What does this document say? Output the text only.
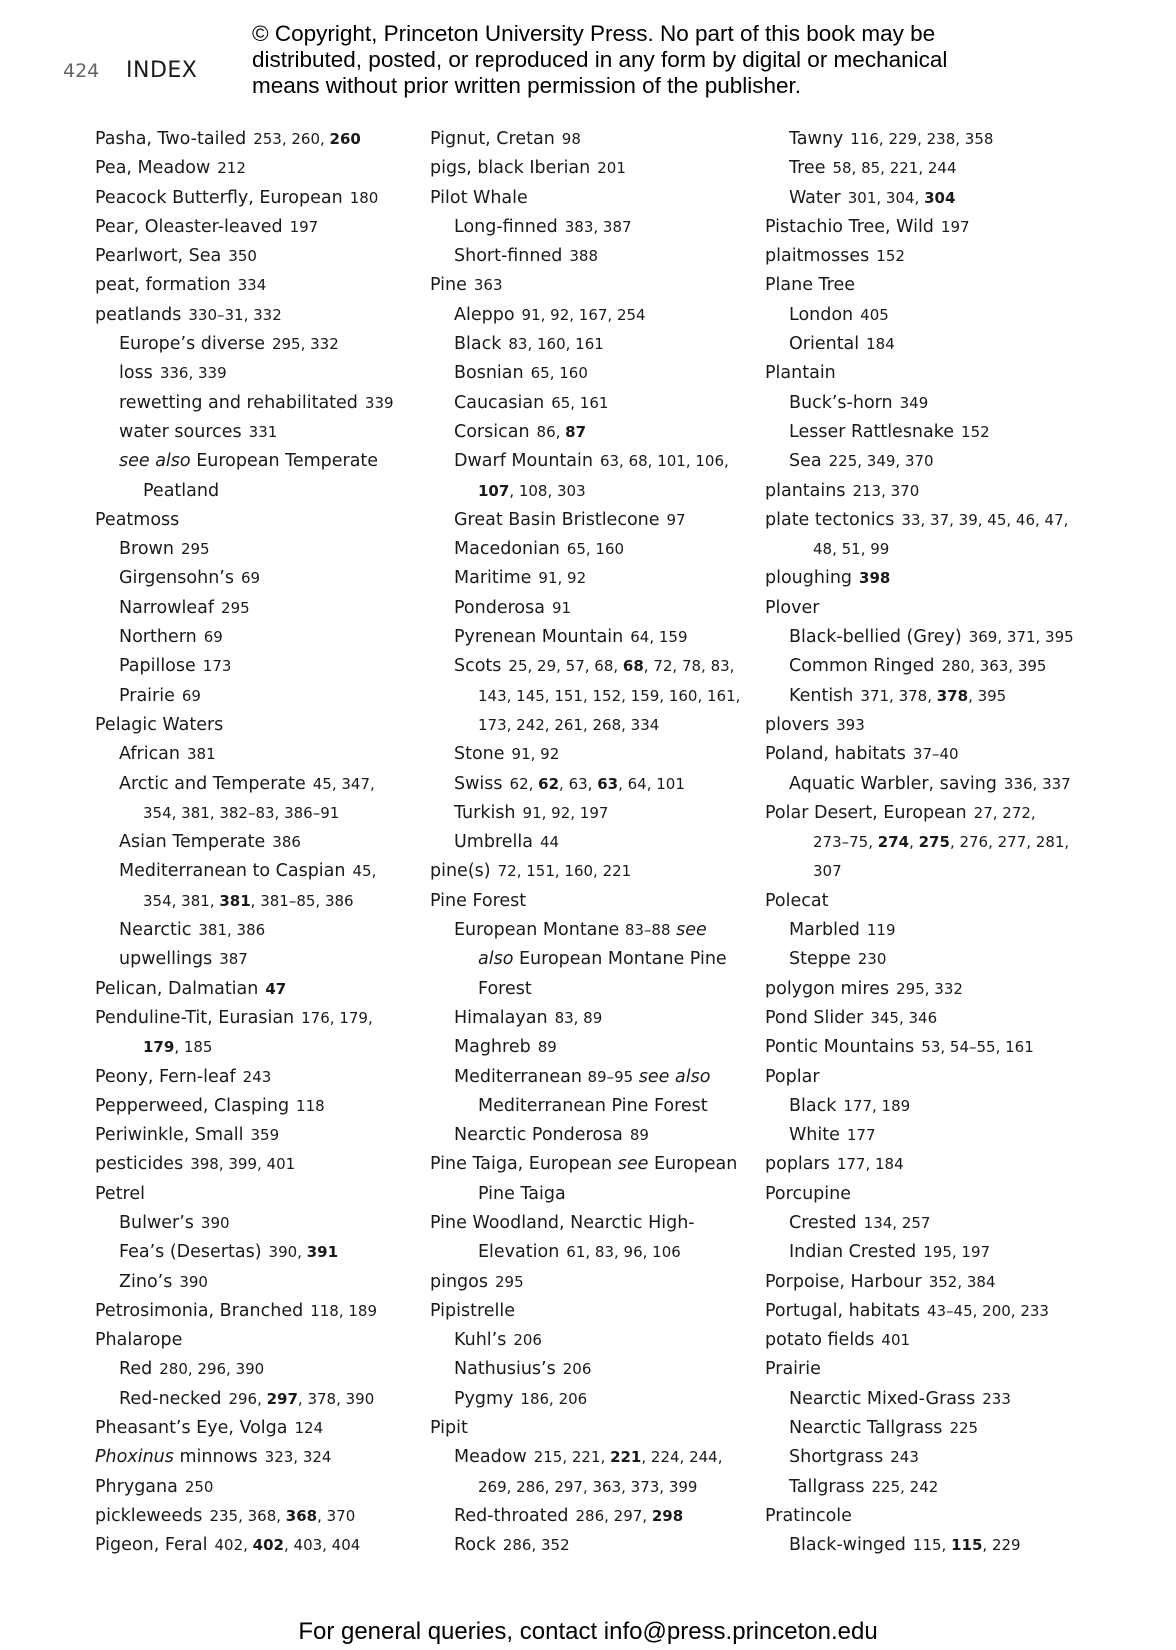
424 INDEX
© Copyright, Princeton University Press. No part of this book may be distributed, posted, or reproduced in any form by digital or mechanical means without prior written permission of the publisher.
Pasha, Two-tailed 253, 260, 260
Pea, Meadow 212
Peacock Butterfly, European 180
Pear, Oleaster-leaved 197
Pearlwort, Sea 350
peat, formation 334
peatlands 330–31, 332
Europe’s diverse 295, 332
loss 336, 339
rewetting and rehabilitated 339
water sources 331
see also European Temperate
Peatland
Peatmoss
Brown 295
Girgensohn’s 69
Narrowleaf 295
Northern 69
Papillose 173
Prairie 69
Pelagic Waters
African 381
Arctic and Temperate 45, 347,
354, 381, 382–83, 386–91
Asian Temperate 386
Mediterranean to Caspian 45,
354, 381, 381, 381–85, 386
Nearctic 381, 386
upwellings 387
Pelican, Dalmatian 47
Penduline-Tit, Eurasian 176, 179,
179, 185
Peony, Fern-leaf 243
Pepperweed, Clasping 118
Periwinkle, Small 359
pesticides 398, 399, 401
Petrel
Bulwer’s 390
Fea’s (Desertas) 390, 391
Zino’s 390
Petrosimonia, Branched 118, 189
Phalarope
Red 280, 296, 390
Red-necked 296, 297, 378, 390
Pheasant’s Eye, Volga 124
Phoxinus minnows 323, 324
Phrygana 250
pickleweeds 235, 368, 368, 370
Pigeon, Feral 402, 402, 403, 404
Pignut, Cretan 98
pigs, black Iberian 201
Pilot Whale
Long-finned 383, 387
Short-finned 388
Pine 363
Aleppo 91, 92, 167, 254
Black 83, 160, 161
Bosnian 65, 160
Caucasian 65, 161
Corsican 86, 87
Dwarf Mountain 63, 68, 101, 106,
107, 108, 303
Great Basin Bristlecone 97
Macedonian 65, 160
Maritime 91, 92
Ponderosa 91
Pyrenean Mountain 64, 159
Scots 25, 29, 57, 68, 68, 72, 78, 83,
143, 145, 151, 152, 159, 160, 161,
173, 242, 261, 268, 334
Stone 91, 92
Swiss 62, 62, 63, 63, 64, 101
Turkish 91, 92, 197
Umbrella 44
pine(s) 72, 151, 160, 221
Pine Forest
European Montane 83–88 see
also European Montane Pine
Forest
Himalayan 83, 89
Maghreb 89
Mediterranean 89–95 see also
Mediterranean Pine Forest
Nearctic Ponderosa 89
Pine Taiga, European see European
Pine Taiga
Pine Woodland, Nearctic High-
Elevation 61, 83, 96, 106
pingos 295
Pipistrelle
Kuhl’s 206
Nathusius’s 206
Pygmy 186, 206
Pipit
Meadow 215, 221, 221, 224, 244,
269, 286, 297, 363, 373, 399
Red-throated 286, 297, 298
Rock 286, 352
Tawny 116, 229, 238, 358
Tree 58, 85, 221, 244
Water 301, 304, 304
Pistachio Tree, Wild 197
plaitmosses 152
Plane Tree
London 405
Oriental 184
Plantain
Buck’s-horn 349
Lesser Rattlesnake 152
Sea 225, 349, 370
plantains 213, 370
plate tectonics 33, 37, 39, 45, 46, 47,
48, 51, 99
ploughing 398
Plover
Black-bellied (Grey) 369, 371, 395
Common Ringed 280, 363, 395
Kentish 371, 378, 378, 395
plovers 393
Poland, habitats 37–40
Aquatic Warbler, saving 336, 337
Polar Desert, European 27, 272,
273–75, 274, 275, 276, 277, 281,
307
Polecat
Marbled 119
Steppe 230
polygon mires 295, 332
Pond Slider 345, 346
Pontic Mountains 53, 54–55, 161
Poplar
Black 177, 189
White 177
poplars 177, 184
Porcupine
Crested 134, 257
Indian Crested 195, 197
Porpoise, Harbour 352, 384
Portugal, habitats 43–45, 200, 233
potato fields 401
Prairie
Nearctic Mixed-Grass 233
Nearctic Tallgrass 225
Shortgrass 243
Tallgrass 225, 242
Pratincole
Black-winged 115, 115, 229
For general queries, contact info@press.princeton.edu
